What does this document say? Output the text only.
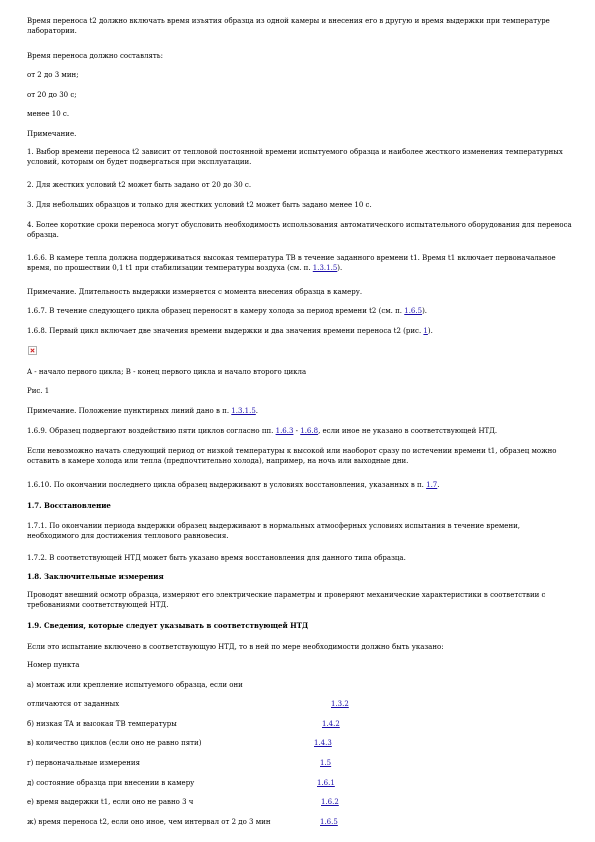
Время переноса t2 должно включать время изъятия образца из одной камеры и внесения его в другую и время выдержки при температуре лаборатории.

Время переноса должно составлять:

от 2 до 3 мин;

от 20 до 30 с;

менее 10 с.

Примечание.

1. Выбор времени переноса t2 зависит от тепловой постоянной времени испытуемого образца и наиболее жесткого изменения температурных условий, которым он будет подвергаться при эксплуатации.

2. Для жестких условий t2 может быть задано от 20 до 30 с.

3. Для небольших образцов и только для жестких условий t2 может быть задано менее 10 с.

4. Более короткие сроки переноса могут обусловить необходимость использования автоматического испытательного оборудования для переноса образца.

1.6.6. В камере тепла должна поддерживаться высокая температура TB в течение заданного времени t1. Время t1 включает первоначальное время, по прошествии 0,1 t1 при стабилизации температуры воздуха (см. п. 1.3.1.5).

Примечание. Длительность выдержки измеряется с момента внесения образца в камеру.

1.6.7. В течение следующего цикла образец переносят в камеру холода за период времени t2 (см. п. 1.6.5).

1.6.8. Первый цикл включает две значения времени выдержки и два значения времени переноса t2 (рис. 1).

A - начало первого цикла; B - конец первого цикла и начало второго цикла

Рис. 1

Примечание. Положение пунктирных линий дано в п. 1.3.1.5.

1.6.9. Образец подвергают воздействию пяти циклов согласно пп. 1.6.3 - 1.6.8, если иное не указано в соответствующей НТД.

Если невозможно начать следующий период от низкой температуры к высокой или наоборот сразу по истечении времени t1, образец можно оставить в камере холода или тепла (предпочтительно холода), например, на ночь или выходные дни.

1.6.10. По окончании последнего цикла образец выдерживают в условиях восстановления, указанных в п. 1.7.

1.7. Восстановление

1.7.1. По окончании периода выдержки образец выдерживают в нормальных атмосферных условиях испытания в течение времени, необходимого для достижения теплового равновесия.

1.7.2. В соответствующей НТД может быть указано время восстановления для данного типа образца.

1.8. Заключительные измерения

Проводят внешний осмотр образца, измеряют его электрические параметры и проверяют механические характеристики в соответствии с требованиями соответствующей НТД.

1.9. Сведения, которые следует указывать в соответствующей НТД

Если это испытание включено в соответствующую НТД, то в ней по мере необходимости должно быть указано:

Номер пункта

а) монтаж или крепление испытуемого образца, если они

отличаются от заданных	1.3.2
б) низкая TA и высокая TB температуры	1.4.2
в) количество циклов (если оно не равно пяти)	1.4.3
г) первоначальные измерения	1.5
д) состояние образца при внесении в камеру	1.6.1
е) время выдержки t1, если оно не равно 3 ч	1.6.2
ж) время переноса t2, если оно иное, чем интервал от 2 до 3 мин	1.6.5
